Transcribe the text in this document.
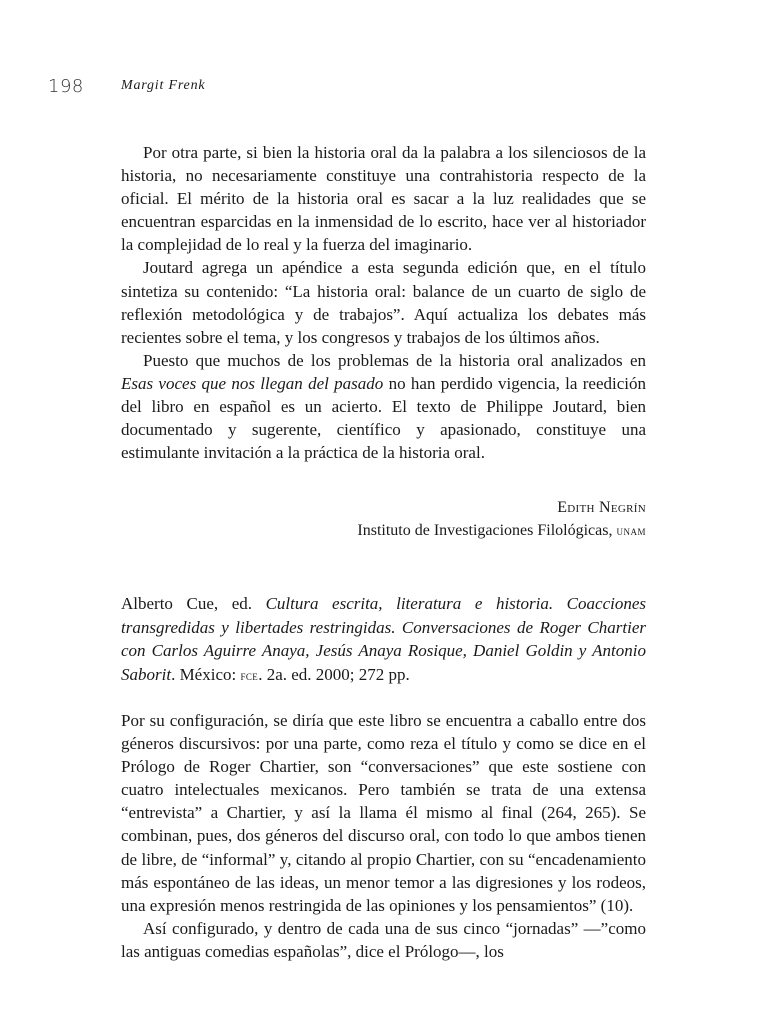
198	Margit Frenk

Por otra parte, si bien la historia oral da la palabra a los silenciosos de la historia, no necesariamente constituye una contrahistoria respecto de la oficial. El mérito de la historia oral es sacar a la luz realidades que se encuentran esparcidas en la inmensidad de lo escrito, hace ver al historiador la complejidad de lo real y la fuerza del imaginario.

Joutard agrega un apéndice a esta segunda edición que, en el título sintetiza su contenido: “La historia oral: balance de un cuarto de siglo de reflexión metodológica y de trabajos”. Aquí actualiza los debates más recientes sobre el tema, y los congresos y trabajos de los últimos años.

Puesto que muchos de los problemas de la historia oral analizados en Esas voces que nos llegan del pasado no han perdido vigencia, la reedición del libro en español es un acierto. El texto de Philippe Joutard, bien documentado y sugerente, científico y apasionado, constituye una estimulante invitación a la práctica de la historia oral.

Edith Negrín
Instituto de Investigaciones Filológicas, unam

Alberto Cue, ed. Cultura escrita, literatura e historia. Coacciones transgredidas y libertades restringidas. Conversaciones de Roger Chartier con Carlos Aguirre Anaya, Jesús Anaya Rosique, Daniel Goldin y Antonio Saborit. México: fce. 2a. ed. 2000; 272 pp.

Por su configuración, se diría que este libro se encuentra a caballo entre dos géneros discursivos: por una parte, como reza el título y como se dice en el Prólogo de Roger Chartier, son “conversaciones” que este sostiene con cuatro intelectuales mexicanos. Pero también se trata de una extensa “entrevista” a Chartier, y así la llama él mismo al final (264, 265). Se combinan, pues, dos géneros del discurso oral, con todo lo que ambos tienen de libre, de “informal” y, citando al propio Chartier, con su “encadenamiento más espontáneo de las ideas, un menor temor a las digresiones y los rodeos, una expresión menos restringida de las opiniones y los pensamientos” (10).

Así configurado, y dentro de cada una de sus cinco “jornadas” —”como las antiguas comedias españolas”, dice el Prólogo—, los
